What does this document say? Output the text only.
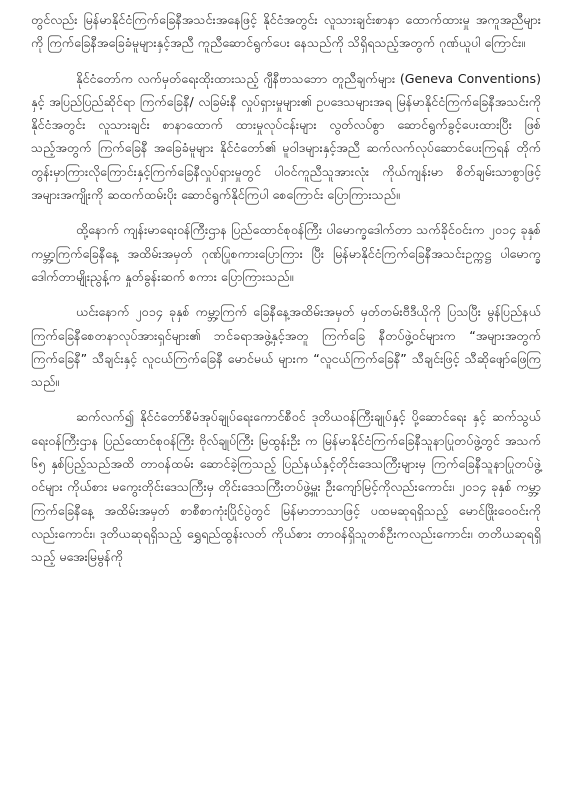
တွင်လည်း မြန်မာနိုင်ငံကြက်ခြေနီအသင်းအနေဖြင့် နိုင်ငံအတွင်း လူသားချင်းစာနာ ထောက်ထားမှု အကူအညီများကို ကြက်ခြေနီအခြေခံမူများနှင့်အညီ ကူညီဆောင်ရွက်ပေး နေသည်ကို သိရှိရသည့်အတွက် ဂုဏ်ယူပါ ကြောင်း။

နိုင်ငံတော်က လက်မှတ်ရေးထိုးထားသည့် ဂျီနီဗာသဘော တူညီချက်များ (Geneva Conventions) နှင့် အပြည်ပြည်ဆိုင်ရာ ကြက်ခြေနီ/ လခြမ်းနီ လှုပ်ရှားမှုများ၏ ဥပဒေသများအရ မြန်မာနိုင်ငံကြက်ခြေနီအသင်းကို နိုင်ငံအတွင်း လူသားချင်း စာနာထောက် ထားမှုလုပ်ငန်းများ လွတ်လပ်စွာ ဆောင်ရွက်ခွင့်ပေးထားပြီး ဖြစ်သည့်အတွက် ကြက်ခြေနီ အခြေခံမူများ နိုင်ငံတော်၏ မူဝါဒများနှင့်အညီ ဆက်လက်လုပ်ဆောင်ပေးကြရန် တိုက် တွန်းမှာကြားလိုကြောင်းနှင့်ကြက်ခြေနီလှုပ်ရှားမှုတွင် ပါဝင်ကူညီသူအားလုံး ကိုယ်ကျန်းမာ စိတ်ချမ်းသာစွာဖြင့် အများအကျိုးကို ဆထက်ထမ်းပိုး ဆောင်ရွက်နိုင်ကြပါ စေကြောင်း ပြောကြားသည်။

ထို့နောက် ကျန်းမာရေးဝန်ကြီးဌာန ပြည်ထောင်စုဝန်ကြီး ပါမောက္ခဒေါက်တာ သက်ခိုင်ဝင်းက ၂၀၁၄ ခုနှစ် ကမ္ဘာ့ကြက်ခြေနီနေ့ အထိမ်းအမှတ် ဂုဏ်ပြုစကားပြောကြား ပြီး မြန်မာနိုင်ငံကြက်ခြေနီအသင်းဥက္ကဋ္ဌ ပါမောက္ခဒေါက်တာမျိုးညွန့်က နှုတ်ခွန်းဆက် စကား ပြောကြားသည်။

ယင်းနောက် ၂၀၁၄ ခုနှစ် ကမ္ဘာ့ကြက် ခြေနီနေ့အထိမ်းအမှတ် မှတ်တမ်းဗီဒီယိုကို ပြသပြီး မွန်ပြည်နယ်ကြက်ခြေနီစေတနာလုပ်အားရှင်များ၏ ဘင်ခရာအဖွဲ့နှင့်အတူ ကြက်ခြေ နီတပ်ဖွဲ့ဝင်များက “အများအတွက်ကြက်ခြေနီ” သီချင်းနှင့် လူငယ်ကြက်ခြေနီ မောင်မယ် များက “လူငယ်ကြက်ခြေနီ” သီချင်းဖြင့် သီဆိုဖျော်ဖြေကြသည်။

ဆက်လက်၍ နိုင်ငံတော်စီမံအုပ်ချုပ်ရေးကောင်စီဝင် ဒုတိယဝန်ကြီးချုပ်နှင့် ပို့ဆောင်ရေး နှင့် ဆက်သွယ်ရေးဝန်ကြီးဌာန ပြည်ထောင်စုဝန်ကြီး ဗိုလ်ချုပ်ကြီး မြထွန်းဦး က မြန်မာနိုင်ငံကြက်ခြေနီသူနာပြုတပ်ဖွဲ့တွင် အသက် ၆၅ နှစ်ပြည့်သည်အထိ တာဝန်ထမ်း ဆောင်ခဲ့ကြသည့် ပြည်နယ်နှင့်တိုင်းဒေသကြီးများမှ ကြက်ခြေနီသူနာပြုတပ်ဖွဲ့ဝင်များ ကိုယ်စား မကွေးတိုင်းဒေသကြီးမှ တိုင်းဒေသကြီးတပ်ဖွဲ့မှူး ဦးကျော်မြင့်ကိုလည်းကောင်း၊ ၂၀၁၄ ခုနှစ် ကမ္ဘာ့ကြက်ခြေနီနေ့ အထိမ်းအမှတ် စာစီစာကုံးပြိုင်ပွဲတွင် မြန်မာဘာသာဖြင့် ပထမဆုရရှိသည့် မောင်ဖြိုးဝေဝင်းကိုလည်းကောင်း၊ ဒုတိယဆုရရှိသည့် ရွှေရည်ထွန်းလတ် ကိုယ်စား တာဝန်ရှိသူတစ်ဦးကလည်းကောင်း၊ တတိယဆုရရှိသည့် မအေးမြမွန်ကို
